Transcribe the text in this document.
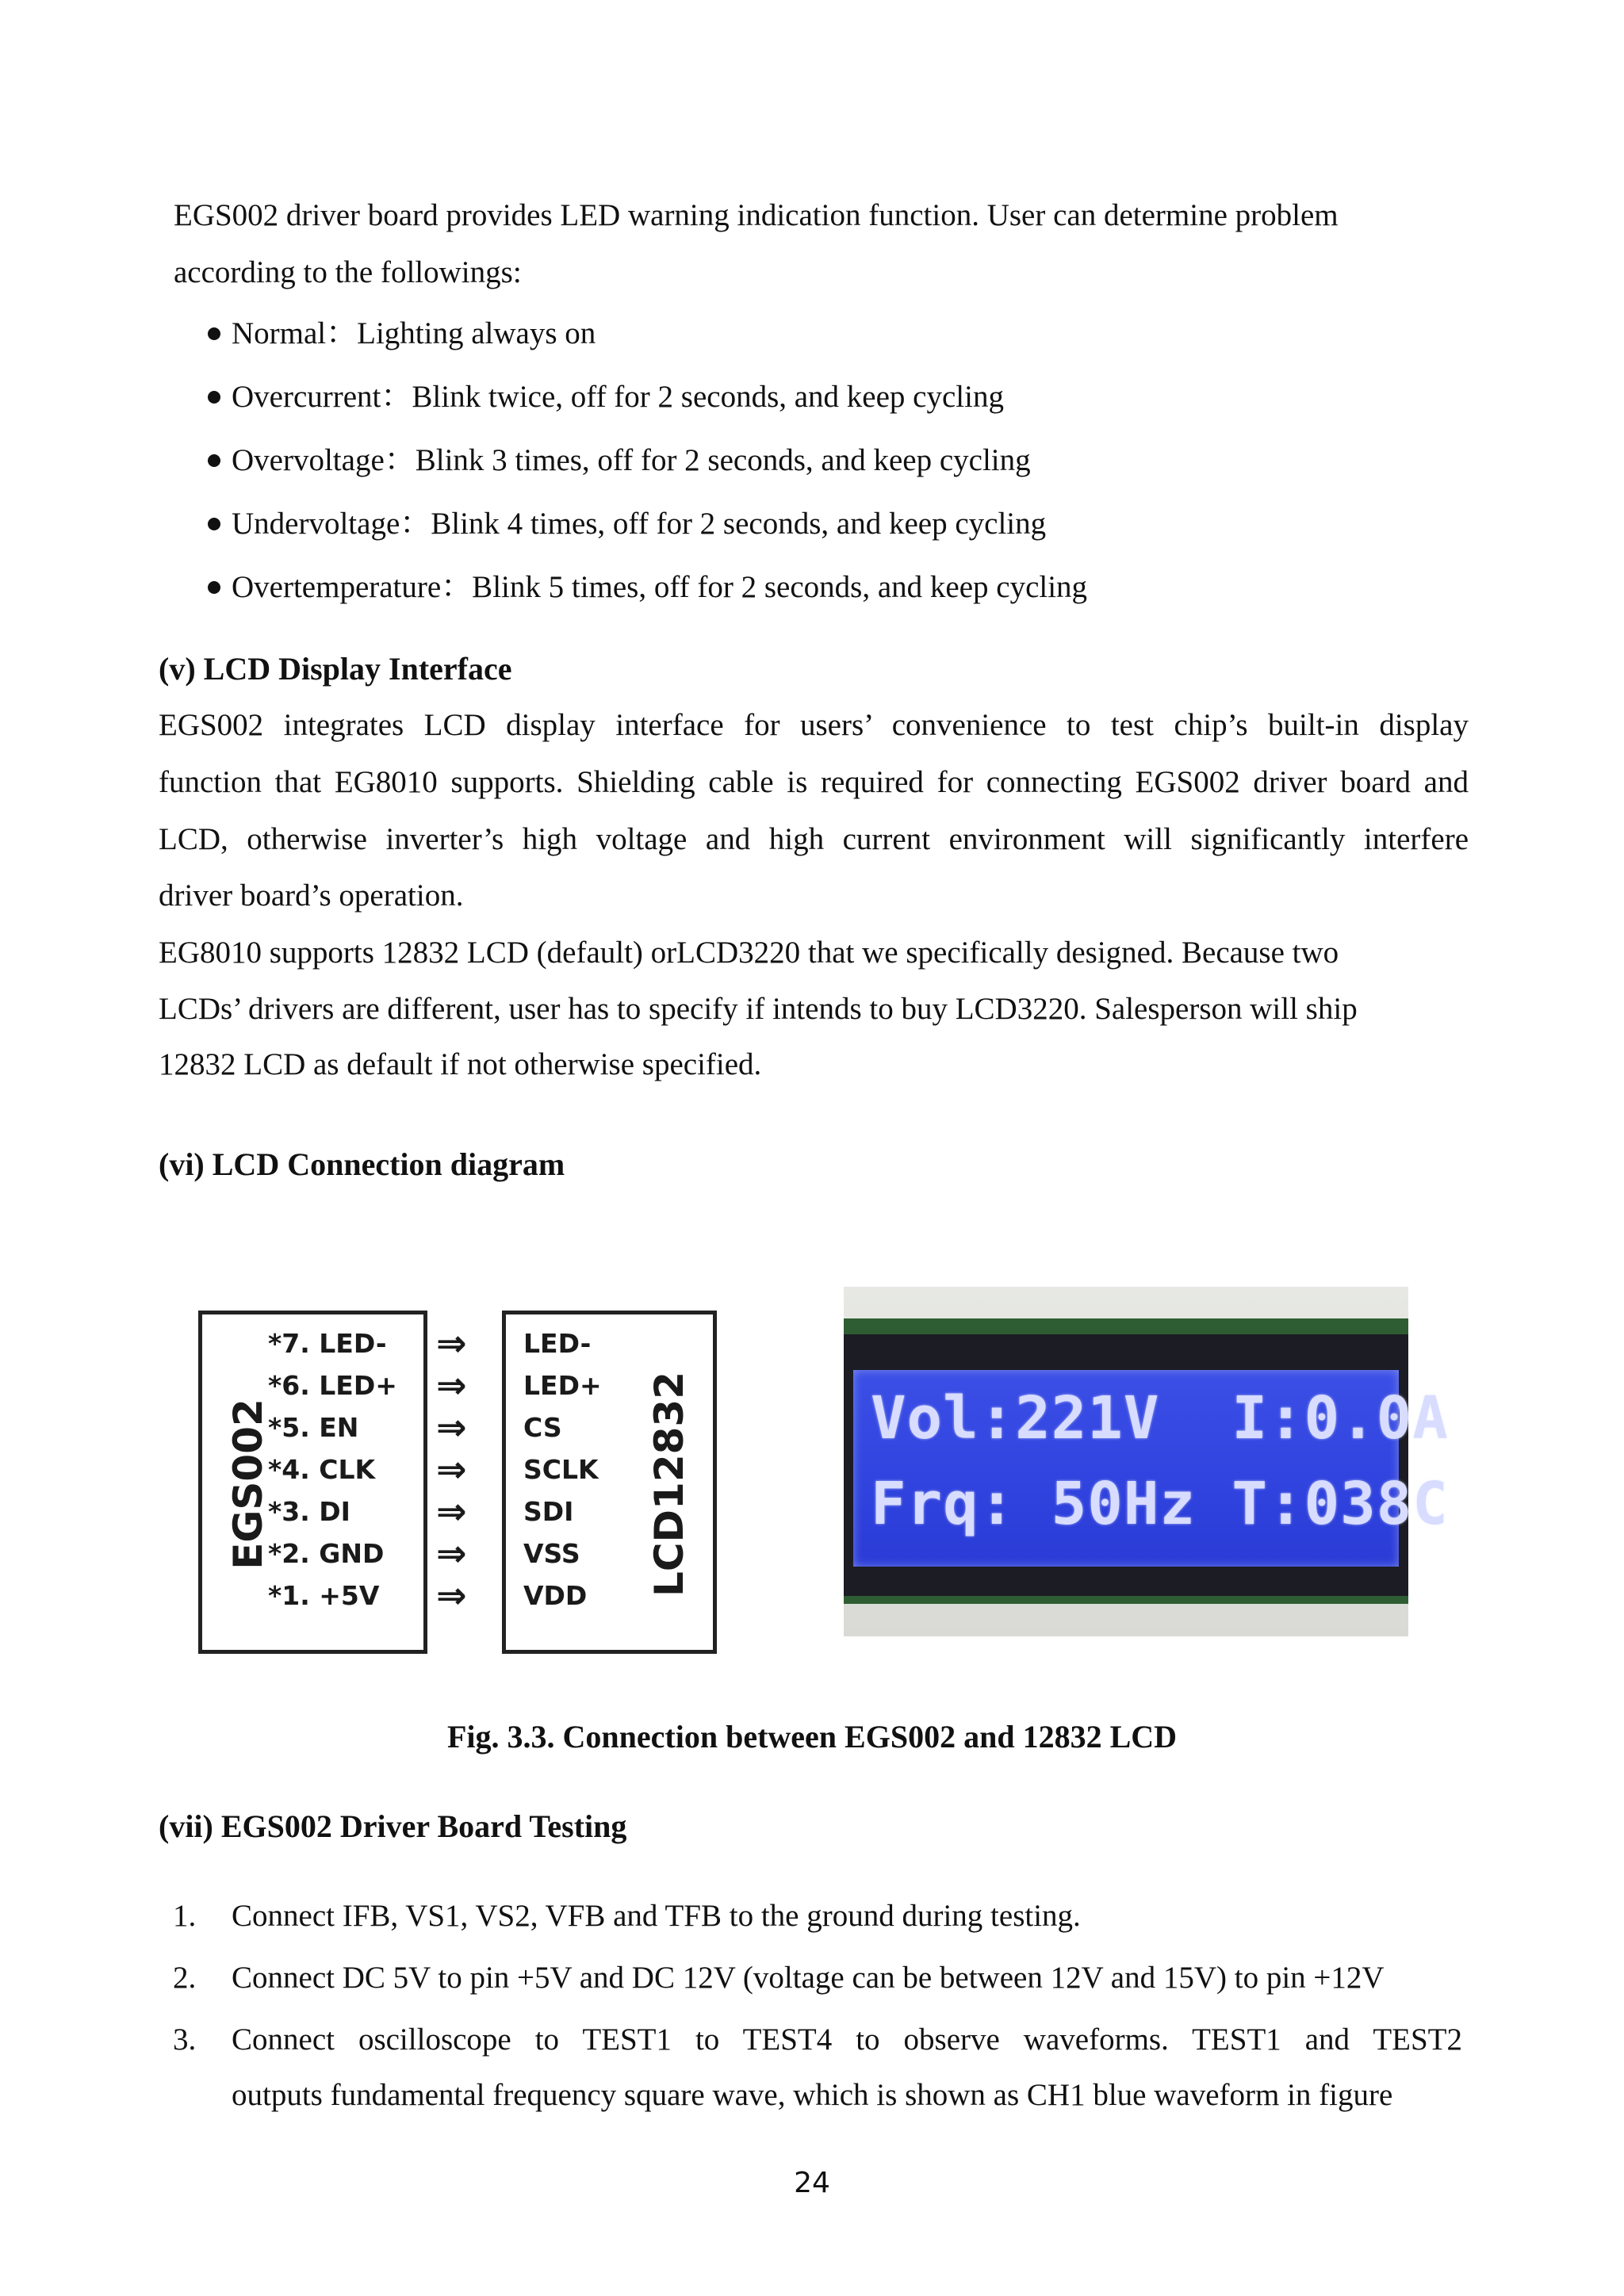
EGS002 driver board provides LED warning indication function. User can determine problem

according to the followings:

Normal：Lighting always on
Overcurrent：Blink twice, off for 2 seconds, and keep cycling
Overvoltage：Blink 3 times, off for 2 seconds, and keep cycling
Undervoltage：Blink 4 times, off for 2 seconds, and keep cycling
Overtemperature：Blink 5 times, off for 2 seconds, and keep cycling
(v) LCD Display Interface

EGS002 integrates LCD display interface for users’ convenience to test chip’s built-in display

function that EG8010 supports. Shielding cable is required for connecting EGS002 driver board and

LCD, otherwise inverter’s high voltage and high current environment will significantly interfere

driver board’s operation.

EG8010 supports 12832 LCD (default) orLCD3220 that we specifically designed. Because two

LCDs’ drivers are different, user has to specify if intends to buy LCD3220. Salesperson will ship

12832 LCD as default if not otherwise specified.

(vi) LCD Connection diagram
EGS002	LCD12832
*7. LED-
*6. LED+
*5. EN
*4. CLK
*3. DI
*2. GND
*1. +5V
⇒
⇒
⇒
⇒
⇒
⇒
⇒
LED-
LED+
CS
SCLK
SDI
VSS
VDD
Vol:221V  I:0.0A
Frq: 50Hz T:038C
Fig. 3.3. Connection between EGS002 and 12832 LCD
(vii) EGS002 Driver Board Testing
1. Connect IFB, VS1, VS2, VFB and TFB to the ground during testing.
2. Connect DC 5V to pin +5V and DC 12V (voltage can be between 12V and 15V) to pin +12V
3. Connect oscilloscope to TEST1 to TEST4 to observe waveforms. TEST1 and TEST2
outputs fundamental frequency square wave, which is shown as CH1 blue waveform in figure
24
